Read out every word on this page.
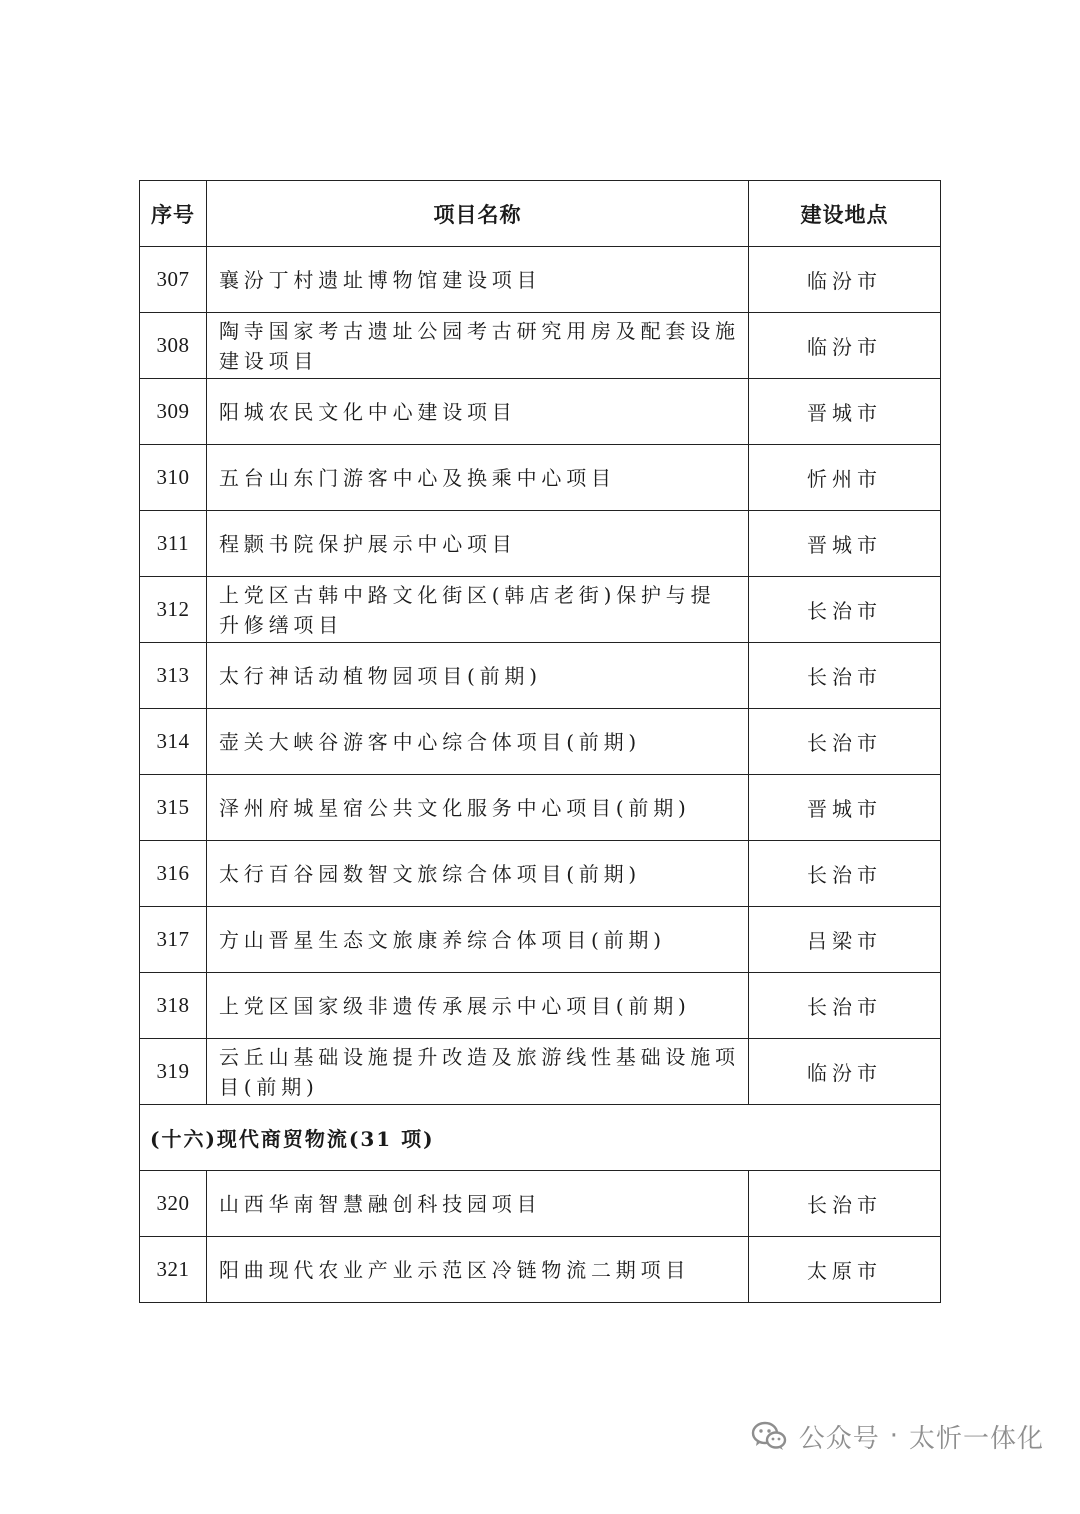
序号	项目名称	建设地点
307	襄汾丁村遗址博物馆建设项目	临汾市
308	陶寺国家考古遗址公园考古研究用房及配套设施建设项目	临汾市
309	阳城农民文化中心建设项目	晋城市
310	五台山东门游客中心及换乘中心项目	忻州市
311	程颢书院保护展示中心项目	晋城市
312	上党区古韩中路文化街区(韩店老街)保护与提升修缮项目	长治市
313	太行神话动植物园项目(前期)	长治市
314	壶关大峡谷游客中心综合体项目(前期)	长治市
315	泽州府城星宿公共文化服务中心项目(前期)	晋城市
316	太行百谷园数智文旅综合体项目(前期)	长治市
317	方山晋星生态文旅康养综合体项目(前期)	吕梁市
318	上党区国家级非遗传承展示中心项目(前期)	长治市
319	云丘山基础设施提升改造及旅游线性基础设施项目(前期)	临汾市
(十六)现代商贸物流(31 项)		
320	山西华南智慧融创科技园项目	长治市
321	阳曲现代农业产业示范区冷链物流二期项目	太原市
公众号 · 太忻一体化
